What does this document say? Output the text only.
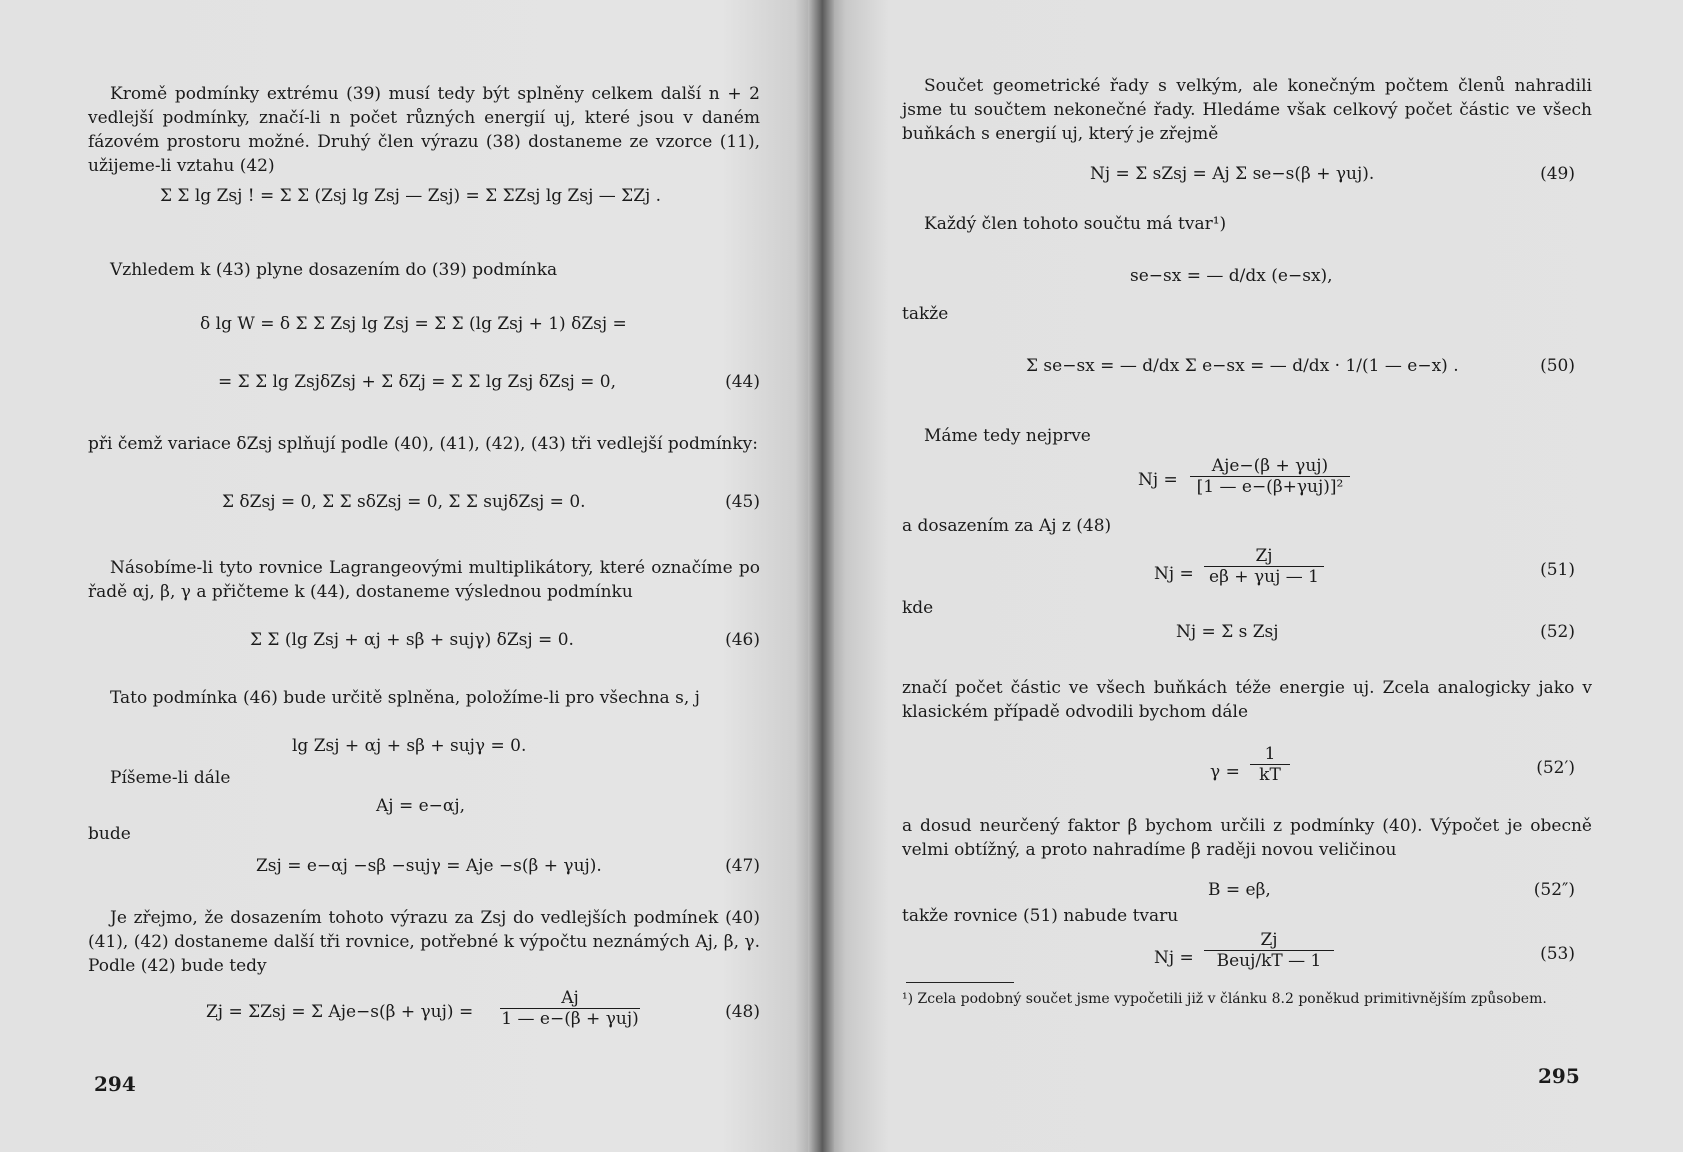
Kromě podmínky extrému (39) musí tedy být splněny celkem další n + 2 vedlejší podmínky, značí-li n počet různých energií uj, které jsou v daném fázovém prostoru možné. Druhý člen výrazu (38) dostaneme ze vzorce (11), užijeme-li vztahu (42)

Σ Σ lg Zsj ! = Σ Σ (Zsj lg Zsj — Zsj) = Σ ΣZsj lg Zsj — ΣZj .

Vzhledem k (43) plyne dosazením do (39) podmínka

δ lg W = δ Σ Σ Zsj lg Zsj = Σ Σ (lg Zsj + 1) δZsj =
= Σ Σ lg ZsjδZsj + Σ δZj = Σ Σ lg Zsj δZsj = 0,	(44)

při čemž variace δZsj splňují podle (40), (41), (42), (43) tři vedlejší podmínky:

Σ δZsj = 0, Σ Σ sδZsj = 0, Σ Σ sujδZsj = 0.	(45)

Násobíme-li tyto rovnice Lagrangeovými multiplikátory, které označíme po řadě αj, β, γ a přičteme k (44), dostaneme výslednou podmínku

Σ Σ (lg Zsj + αj + sβ + sujγ) δZsj = 0.	(46)

Tato podmínka (46) bude určitě splněna, položíme-li pro všechna s, j

lg Zsj + αj + sβ + sujγ = 0.

Píšeme-li dále

Aj = e−αj,

bude

Zsj = e−αj −sβ −sujγ = Aje −s(β + γuj).	(47)

Je zřejmo, že dosazením tohoto výrazu za Zsj do vedlejších podmínek (40) (41), (42) dostaneme další tři rovnice, potřebné k výpočtu neznámých Aj, β, γ. Podle (42) bude tedy

Zj = ΣZsj = Σ Aje−s(β + γuj) =
Aj
1 — e−(β + γuj)	(48)
294

Součet geometrické řady s velkým, ale konečným počtem členů nahradili jsme tu součtem nekonečné řady. Hledáme však celkový počet částic ve všech buňkách s energií uj, který je zřejmě

Nj = Σ sZsj = Aj Σ se−s(β + γuj).	(49)

Každý člen tohoto součtu má tvar¹)

se−sx = — d/dx (e−sx),

takže

Σ se−sx = — d/dx Σ e−sx = — d/dx · 1/(1 — e−x) .	(50)

Máme tedy nejprve

Nj =
Aje−(β + γuj)
[1 — e−(β+γuj)]²

a dosazením za Aj z (48)

Nj =
Zj
eβ + γuj — 1	(51)

kde

Nj = Σ s Zsj	(52)

značí počet částic ve všech buňkách téže energie uj. Zcela analogicky jako v klasickém případě odvodili bychom dále

$\gamma = \frac{1}{kT}$	(52′)

a dosud neurčený faktor β bychom určili z podmínky (40). Výpočet je obecně velmi obtížný, a proto nahradíme β raději novou veličinou

B = eβ,	(52″)

takže rovnice (51) nabude tvaru

Nj =
Zj
Beuj/kT — 1	(53)

¹) Zcela podobný součet jsme vypočetili již v článku 8.2 poněkud primitivnějším způsobem.

295
